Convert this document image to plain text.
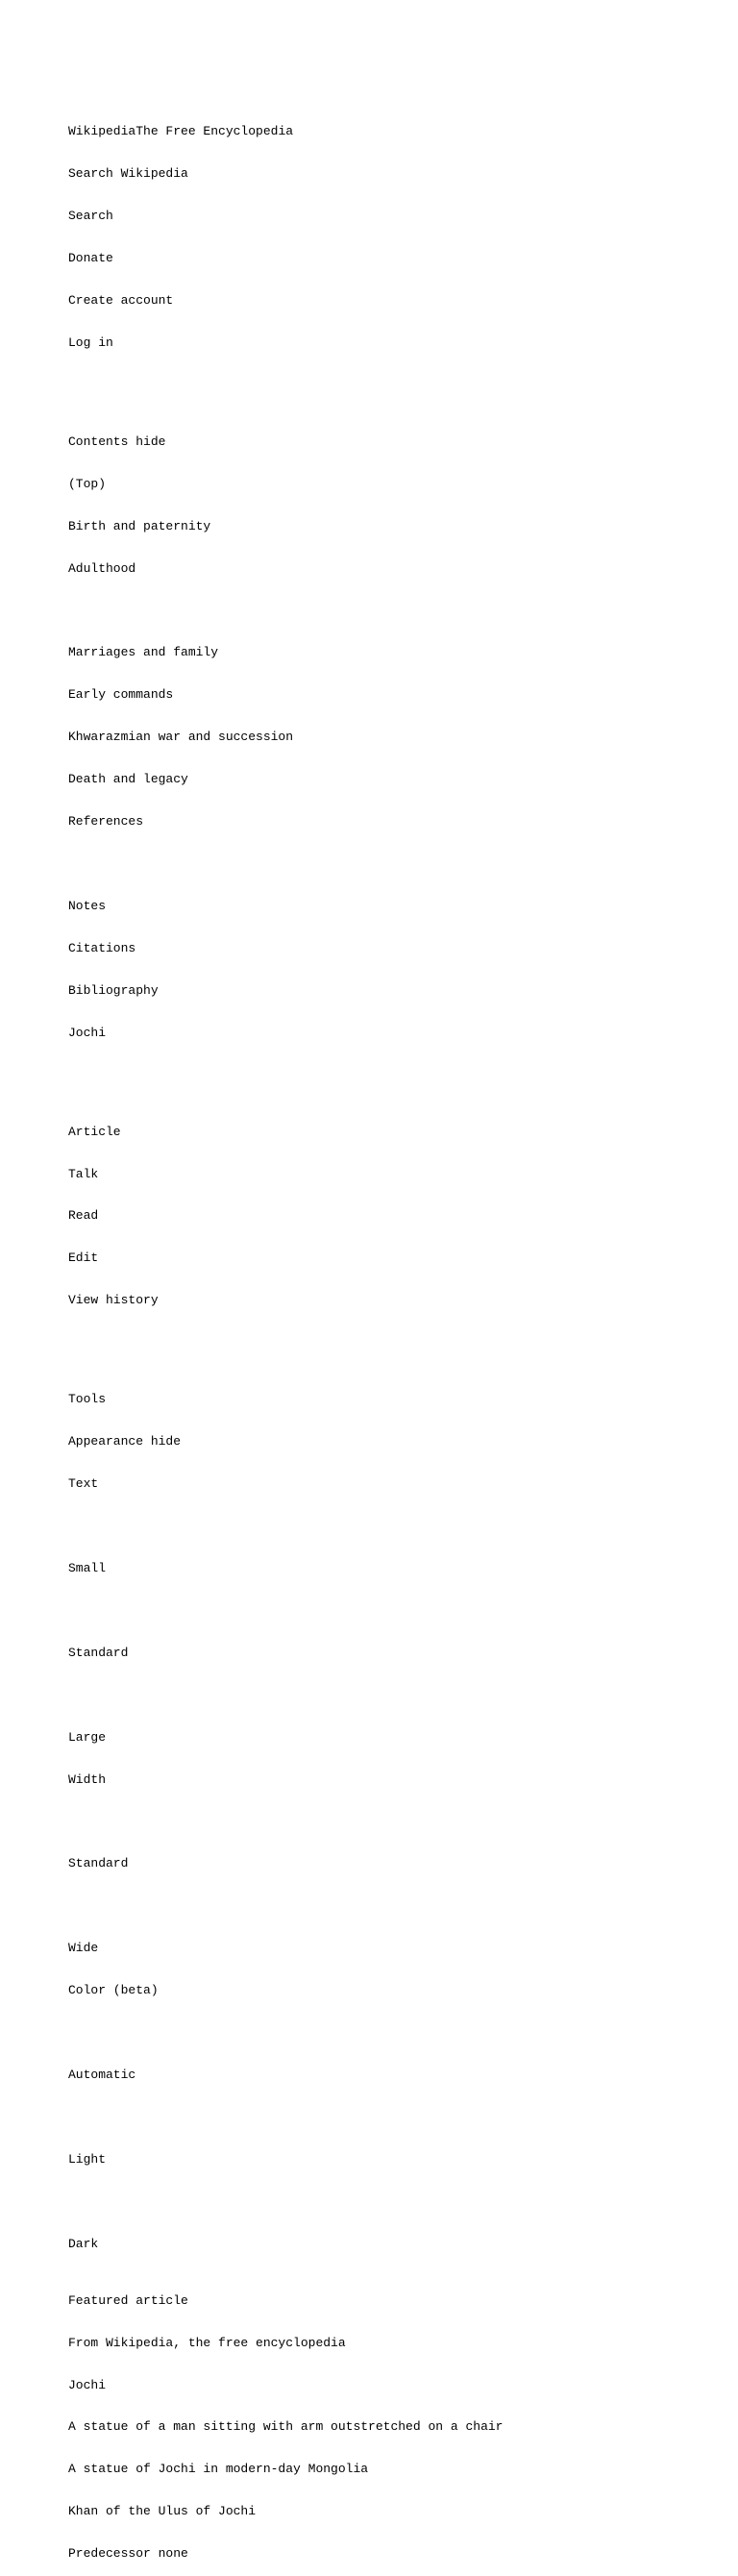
WikipediaThe Free Encyclopedia

Search Wikipedia

Search

Donate

Create account

Log in

Contents hide

(Top)

Birth and paternity

Adulthood

Marriages and family

Early commands

Khwarazmian war and succession

Death and legacy

References

Notes

Citations

Bibliography

Jochi

Article

Talk

Read

Edit

View history

Tools

Appearance hide

Text

Small

Standard

Large

Width

Standard

Wide

Color (beta)

Automatic

Light

Dark

Featured article

From Wikipedia, the free encyclopedia

Jochi

A statue of a man sitting with arm outstretched on a chair

A statue of Jochi in modern-day Mongolia

Khan of the Ulus of Jochi

Predecessor none
